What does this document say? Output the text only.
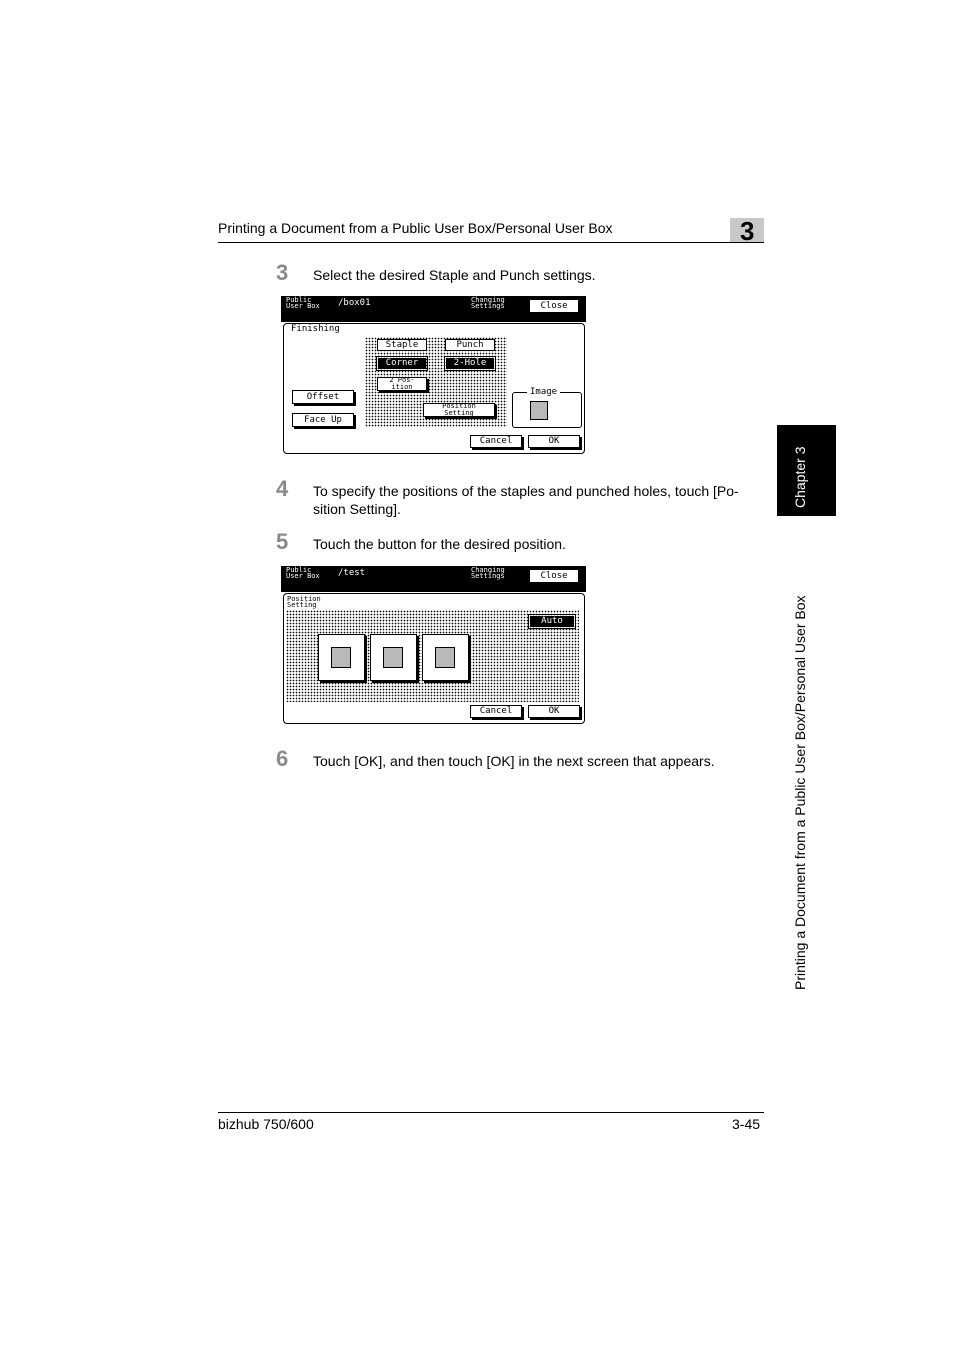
Printing a Document from a Public User Box/Personal User Box	3
Chapter 3
Printing a Document from a Public User Box/Personal User Box
3 Select the desired Staple and Punch settings.
Public
User Box /box01	Changing
Settings	Close
Finishing
Staple	Punch
Corner	2-Hole
2 Pos-
ition
Position
Setting
Offset
Face Up
Image
Cancel	OK
4 To specify the positions of the staples and punched holes, touch [Po-
sition Setting].
5 Touch the button for the desired position.
Public
User Box /test	Changing
Settings	Close
Position
Setting
Auto
Cancel	OK
6 Touch [OK], and then touch [OK] in the next screen that appears.
bizhub 750/600	3-45
